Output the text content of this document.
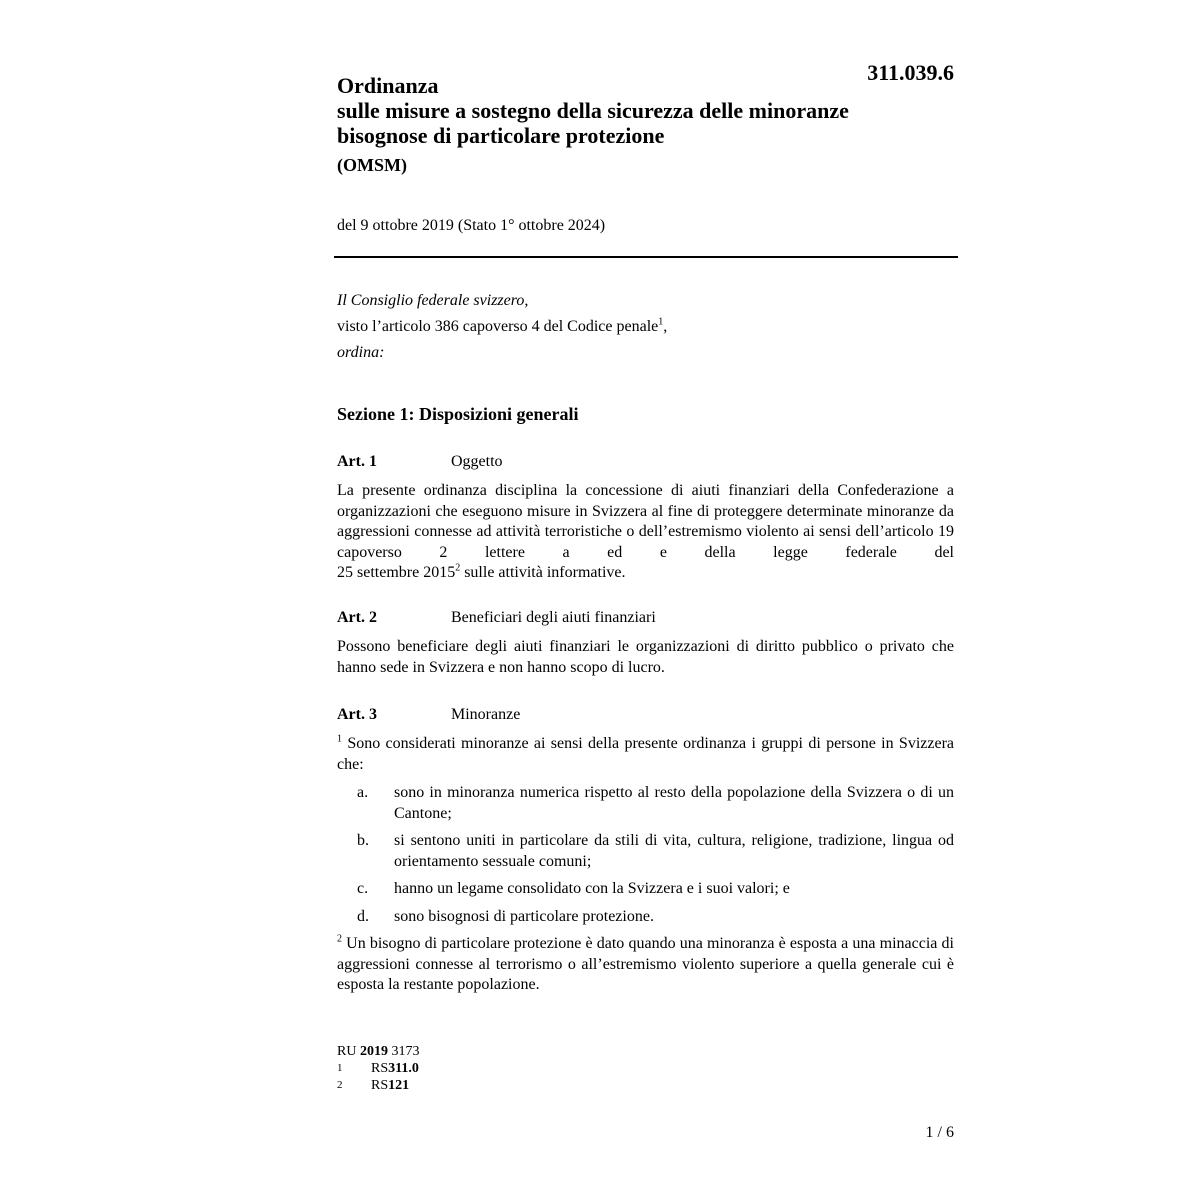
311.039.6
Ordinanza
sulle misure a sostegno della sicurezza delle minoranze
bisognose di particolare protezione
(OMSM)
del 9 ottobre 2019 (Stato 1° ottobre 2024)
Il Consiglio federale svizzero,
visto l’articolo 386 capoverso 4 del Codice penale$^1$,
ordina:
Sezione 1: Disposizioni generali
Art. 1	Oggetto

La presente ordinanza disciplina la concessione di aiuti finanziari della Confederazione a organizzazioni che eseguono misure in Svizzera al fine di proteggere determinate minoranze da aggressioni connesse ad attività terroristiche o dell’estremismo violento ai sensi dell’articolo 19 capoverso 2 lettere a ed e della legge federale del

25 settembre 2015$^2$ sulle attività informative.

Art. 2	Beneficiari degli aiuti finanziari

Possono beneficiare degli aiuti finanziari le organizzazioni di diritto pubblico o privato che hanno sede in Svizzera e non hanno scopo di lucro.

Art. 3	Minoranze

$^1$ Sono considerati minoranze ai sensi della presente ordinanza i gruppi di persone in Svizzera che:

a.	sono in minoranza numerica rispetto al resto della popolazione della Svizzera o di un Cantone;
b.	si sentono uniti in particolare da stili di vita, cultura, religione, tradizione, lingua od orientamento sessuale comuni;
c.	hanno un legame consolidato con la Svizzera e i suoi valori; e
d.	sono bisognosi di particolare protezione.

$^2$ Un bisogno di particolare protezione è dato quando una minoranza è esposta a una minaccia di aggressioni connesse al terrorismo o all’estremismo violento superiore a quella generale cui è esposta la restante popolazione.

RU 2019 3173
1	RS 311.0
2	RS 121
1 / 6
